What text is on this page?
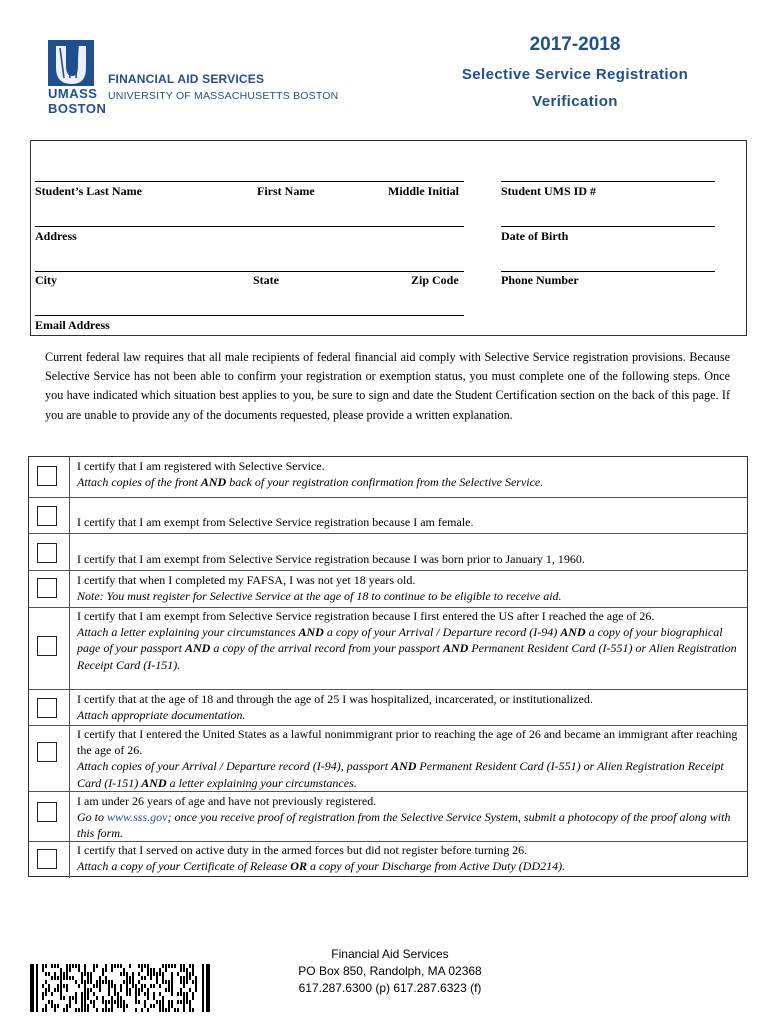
UMASS
BOSTON
FINANCIAL AID SERVICES
UNIVERSITY OF MASSACHUSETTS BOSTON
2017-2018
Selective Service Registration
Verification
Student’s Last Name	First Name	Middle Initial	Student UMS ID #
Address	Date of Birth
City	State	Zip Code	Phone Number
Email Address
Current federal law requires that all male recipients of federal financial aid comply with Selective Service registration provisions. Because Selective Service has not been able to confirm your registration or exemption status, you must complete one of the following steps. Once you have indicated which situation best applies to you, be sure to sign and date the Student Certification section on the back of this page. If you are unable to provide any of the documents requested, please provide a written explanation.
I certify that I am registered with Selective Service.
Attach copies of the front AND back of your registration confirmation from the Selective Service.
I certify that I am exempt from Selective Service registration because I am female.
I certify that I am exempt from Selective Service registration because I was born prior to January 1, 1960.
I certify that when I completed my FAFSA, I was not yet 18 years old.
Note: You must register for Selective Service at the age of 18 to continue to be eligible to receive aid.
I certify that I am exempt from Selective Service registration because I first entered the US after I reached the age of 26.
Attach a letter explaining your circumstances AND a copy of your Arrival / Departure record (I-94) AND a copy of your biographical page of your passport AND a copy of the arrival record from your passport AND Permanent Resident Card (I-551) or Alien Registration Receipt Card (I-151).
I certify that at the age of 18 and through the age of 25 I was hospitalized, incarcerated, or institutionalized.
Attach appropriate documentation.
I certify that I entered the United States as a lawful nonimmigrant prior to reaching the age of 26 and became an immigrant after reaching the age of 26.
Attach copies of your Arrival / Departure record (I-94), passport AND Permanent Resident Card (I-551) or Alien Registration Receipt Card (I-151) AND a letter explaining your circumstances.
I am under 26 years of age and have not previously registered.
Go to www.sss.gov; once you receive proof of registration from the Selective Service System, submit a photocopy of the proof along with this form.
I certify that I served on active duty in the armed forces but did not register before turning 26.
Attach a copy of your Certificate of Release OR a copy of your Discharge from Active Duty (DD214).
Financial Aid Services
PO Box 850, Randolph, MA 02368
617.287.6300 (p) 617.287.6323 (f)
